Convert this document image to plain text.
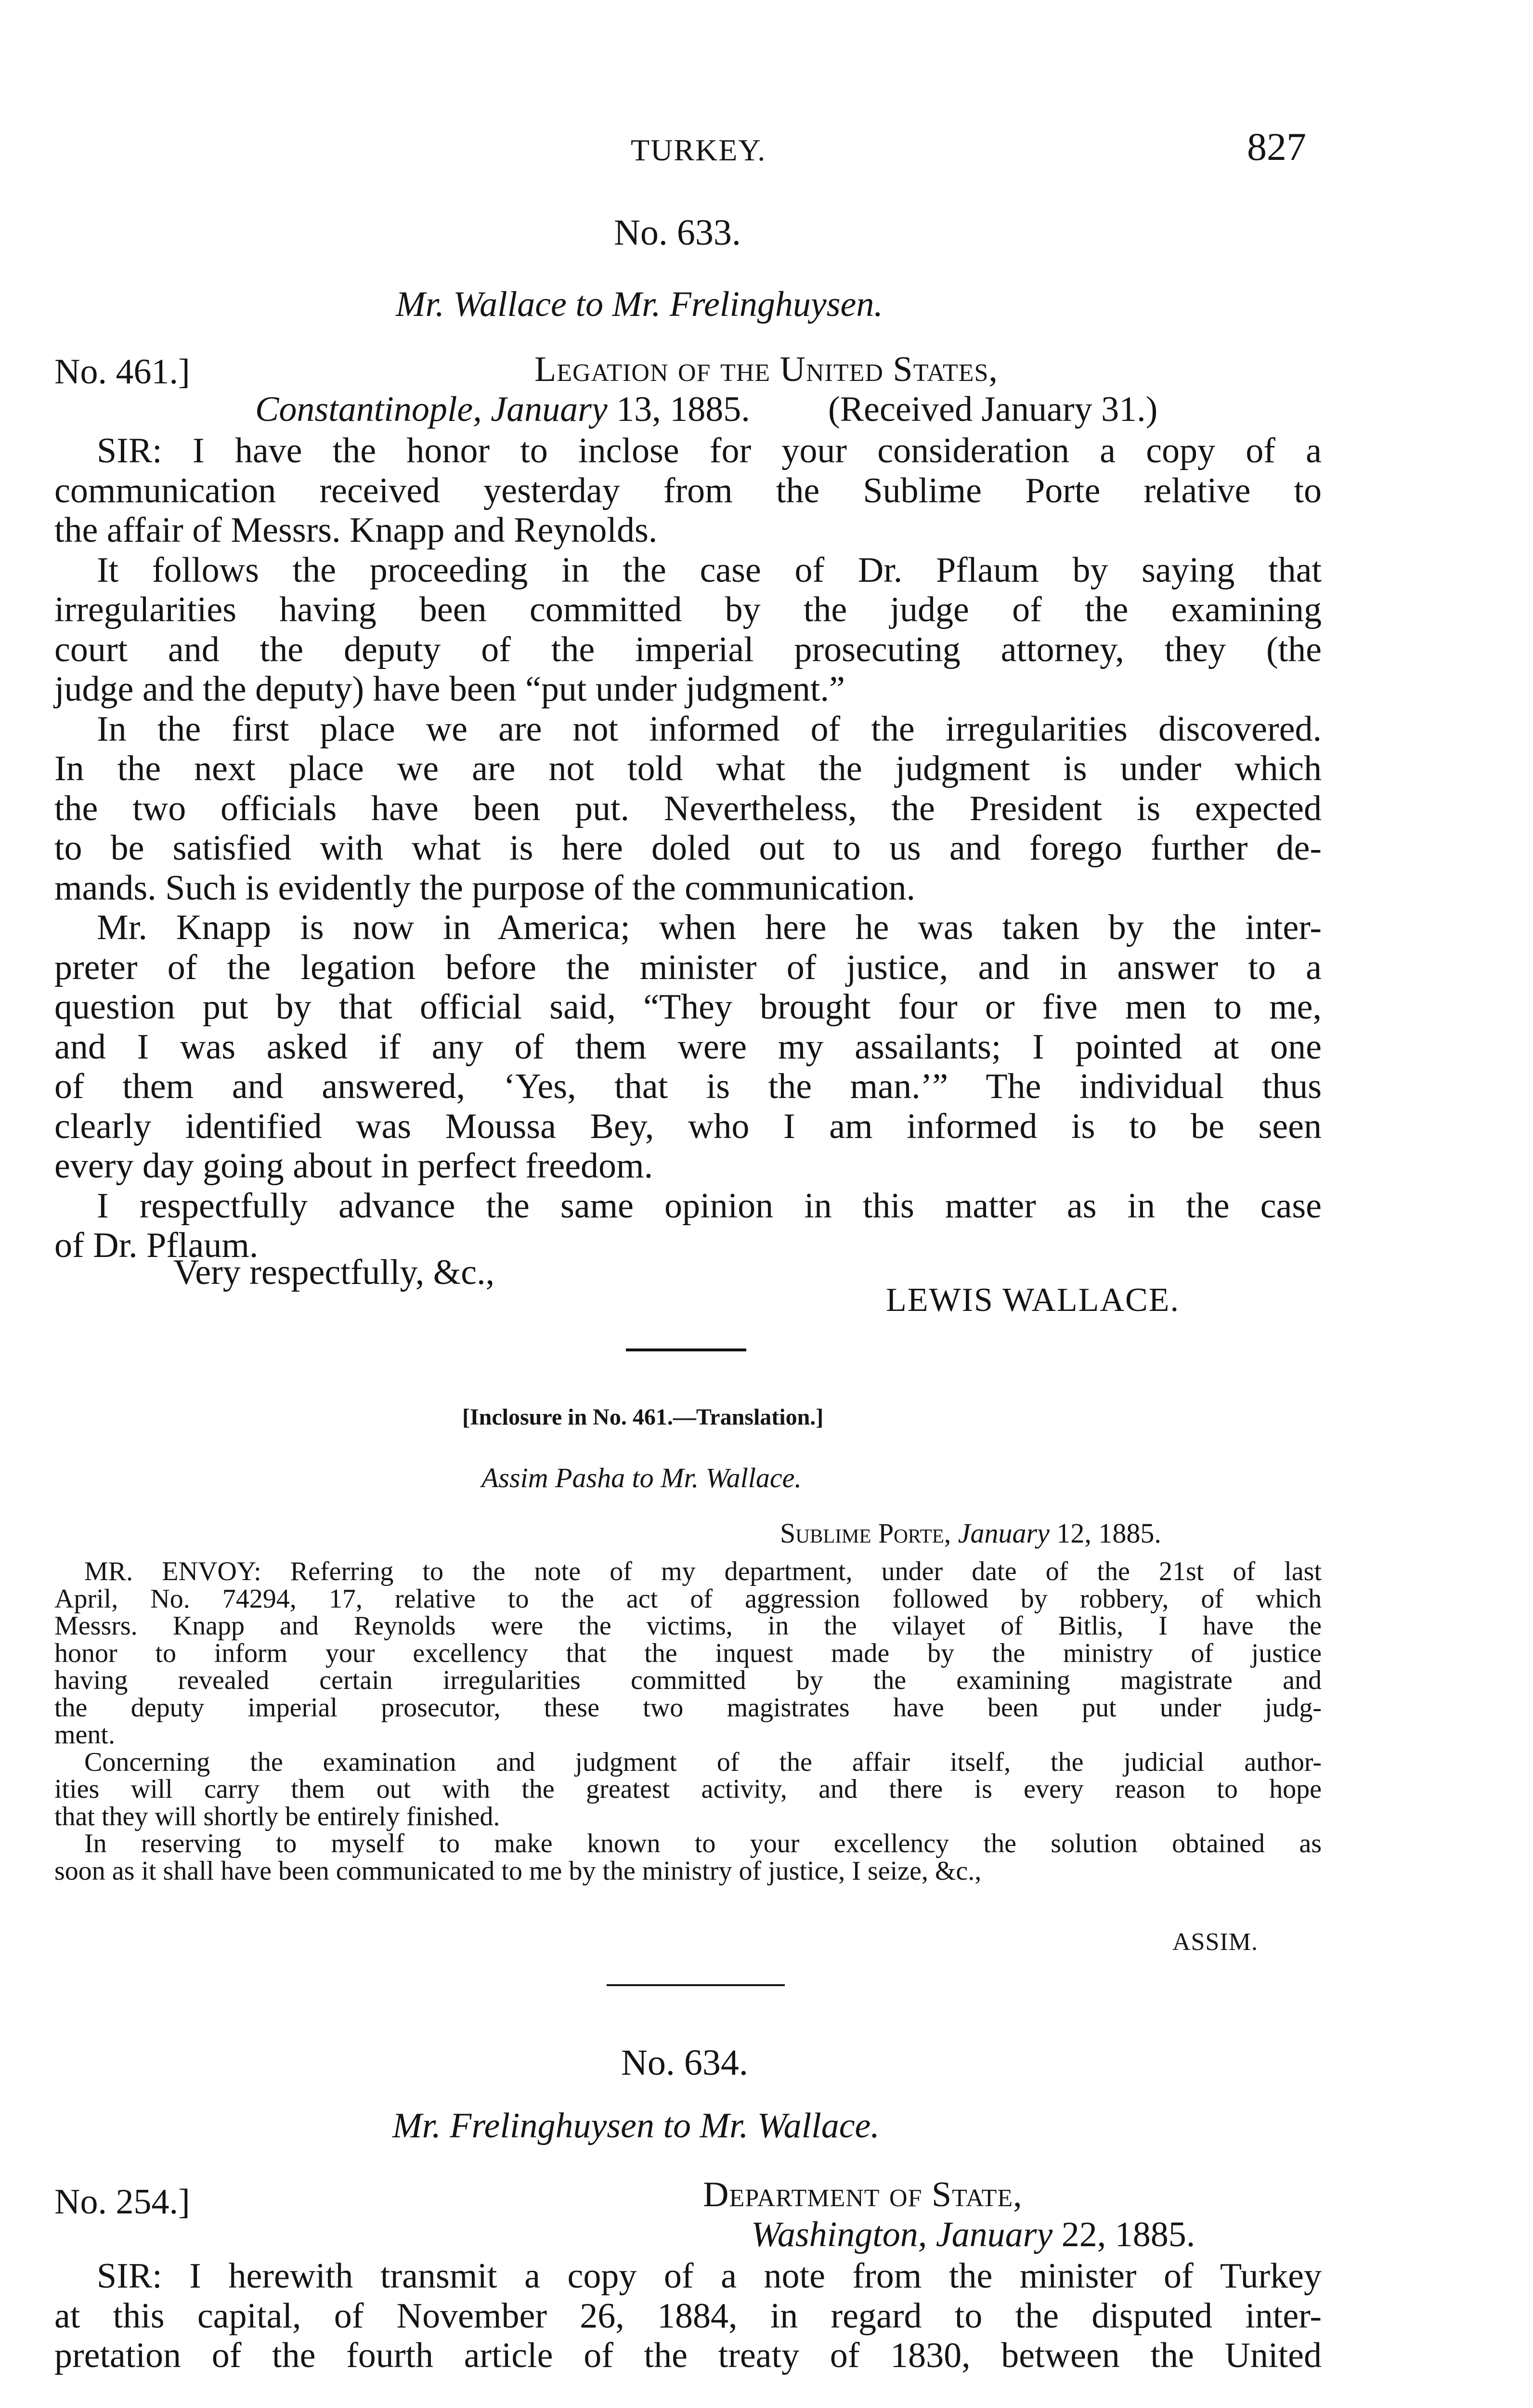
TURKEY.	827
No. 633.
Mr. Wallace to Mr. Frelinghuysen.
No. 461.]	Legation of the United States,
Constantinople, January 13, 1885. (Received January 31.)
SIR: I have the honor to inclose for your consideration a copy of a
communication received yesterday from the Sublime Porte relative to
the affair of Messrs. Knapp and Reynolds.
It follows the proceeding in the case of Dr. Pflaum by saying that
irregularities having been committed by the judge of the examining
court and the deputy of the imperial prosecuting attorney, they (the
judge and the deputy) have been “put under judgment.”
In the first place we are not informed of the irregularities discovered.
In the next place we are not told what the judgment is under which
the two officials have been put. Nevertheless, the President is expected
to be satisfied with what is here doled out to us and forego further de-
mands. Such is evidently the purpose of the communication.
Mr. Knapp is now in America; when here he was taken by the inter-
preter of the legation before the minister of justice, and in answer to a
question put by that official said, “They brought four or five men to me,
and I was asked if any of them were my assailants; I pointed at one
of them and answered, ‘Yes, that is the man.’” The individual thus
clearly identified was Moussa Bey, who I am informed is to be seen
every day going about in perfect freedom.
I respectfully advance the same opinion in this matter as in the case
of Dr. Pflaum.
Very respectfully, &c.,
LEWIS WALLACE.
[Inclosure in No. 461.—Translation.]
Assim Pasha to Mr. Wallace.
Sublime Porte, January 12, 1885.
MR. ENVOY: Referring to the note of my department, under date of the 21st of last
April, No. 74294, 17, relative to the act of aggression followed by robbery, of which
Messrs. Knapp and Reynolds were the victims, in the vilayet of Bitlis, I have the
honor to inform your excellency that the inquest made by the ministry of justice
having revealed certain irregularities committed by the examining magistrate and
the deputy imperial prosecutor, these two magistrates have been put under judg-
ment.
Concerning the examination and judgment of the affair itself, the judicial author-
ities will carry them out with the greatest activity, and there is every reason to hope
that they will shortly be entirely finished.
In reserving to myself to make known to your excellency the solution obtained as
soon as it shall have been communicated to me by the ministry of justice, I seize, &c.,
ASSIM.
No. 634.
Mr. Frelinghuysen to Mr. Wallace.
No. 254.]	Department of State,
Washington, January 22, 1885.
SIR: I herewith transmit a copy of a note from the minister of Turkey
at this capital, of November 26, 1884, in regard to the disputed inter-
pretation of the fourth article of the treaty of 1830, between the United
